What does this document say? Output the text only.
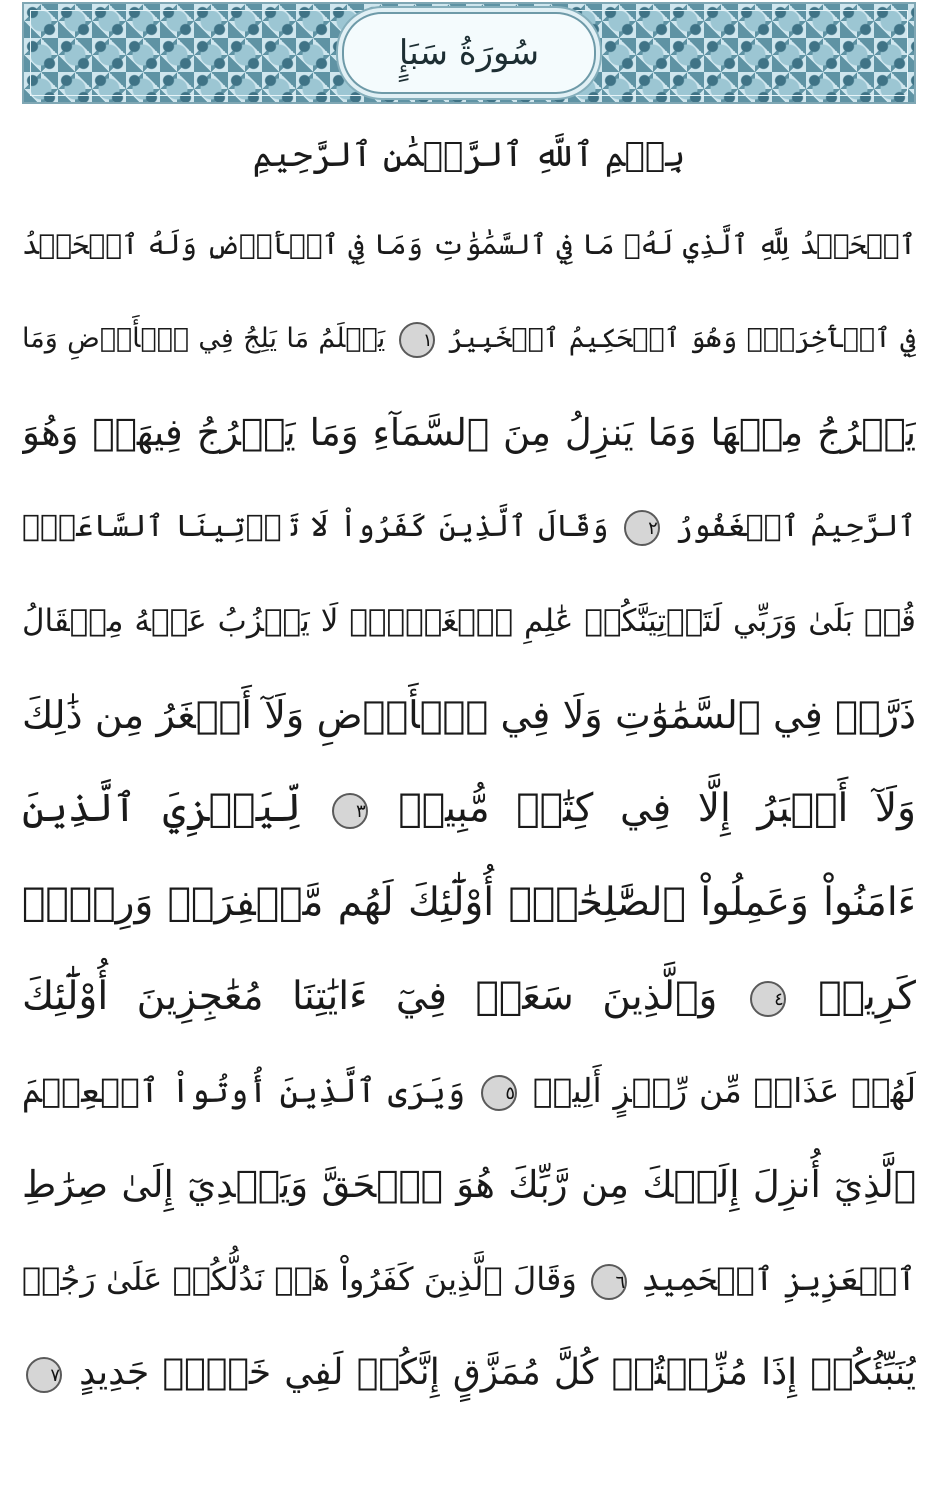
سُورَةُ سَبَإٍ
بِسۡمِ ٱللَّهِ ٱلرَّحۡمَٰنِ ٱلرَّحِيمِ
ٱلۡحَمۡدُ لِلَّهِ ٱلَّذِي لَهُۥ مَا فِي ٱلسَّمَٰوَٰتِ وَمَا فِي ٱلۡأَرۡضِ وَلَهُ ٱلۡحَمۡدُ
فِي ٱلۡأٓخِرَةِۚ وَهُوَ ٱلۡحَكِيمُ ٱلۡخَبِيرُ ١ يَعۡلَمُ مَا يَلِجُ فِي ٱلۡأَرۡضِ وَمَا
يَخۡرُجُ مِنۡهَا وَمَا يَنزِلُ مِنَ ٱلسَّمَآءِ وَمَا يَعۡرُجُ فِيهَاۚ وَهُوَ
ٱلرَّحِيمُ ٱلۡغَفُورُ ٢ وَقَالَ ٱلَّذِينَ كَفَرُواْ لَا تَأۡتِينَا ٱلسَّاعَةُۖ
قُلۡ بَلَىٰ وَرَبِّي لَتَأۡتِيَنَّكُمۡ عَٰلِمِ ٱلۡغَيۡبِۖ لَا يَعۡزُبُ عَنۡهُ مِثۡقَالُ
ذَرَّةٖ فِي ٱلسَّمَٰوَٰتِ وَلَا فِي ٱلۡأَرۡضِ وَلَآ أَصۡغَرُ مِن ذَٰلِكَ
وَلَآ أَكۡبَرُ إِلَّا فِي كِتَٰبٖ مُّبِينٖ ٣ لِّيَجۡزِيَ ٱلَّذِينَ
ءَامَنُواْ وَعَمِلُواْ ٱلصَّٰلِحَٰتِۚ أُوْلَٰٓئِكَ لَهُم مَّغۡفِرَةٞ وَرِزۡقٞ
كَرِيمٞ ٤ وَٱلَّذِينَ سَعَوۡ فِيٓ ءَايَٰتِنَا مُعَٰجِزِينَ أُوْلَٰٓئِكَ
لَهُمۡ عَذَابٞ مِّن رِّجۡزٍ أَلِيمٞ ٥ وَيَرَى ٱلَّذِينَ أُوتُواْ ٱلۡعِلۡمَ
ٱلَّذِيٓ أُنزِلَ إِلَيۡكَ مِن رَّبِّكَ هُوَ ٱلۡحَقَّ وَيَهۡدِيٓ إِلَىٰ صِرَٰطِ
ٱلۡعَزِيزِ ٱلۡحَمِيدِ ٦ وَقَالَ ٱلَّذِينَ كَفَرُواْ هَلۡ نَدُلُّكُمۡ عَلَىٰ رَجُلٖ
يُنَبِّئُكُمۡ إِذَا مُزِّقۡتُمۡ كُلَّ مُمَزَّقٍ إِنَّكُمۡ لَفِي خَلۡقٖ جَدِيدٍ ٧
